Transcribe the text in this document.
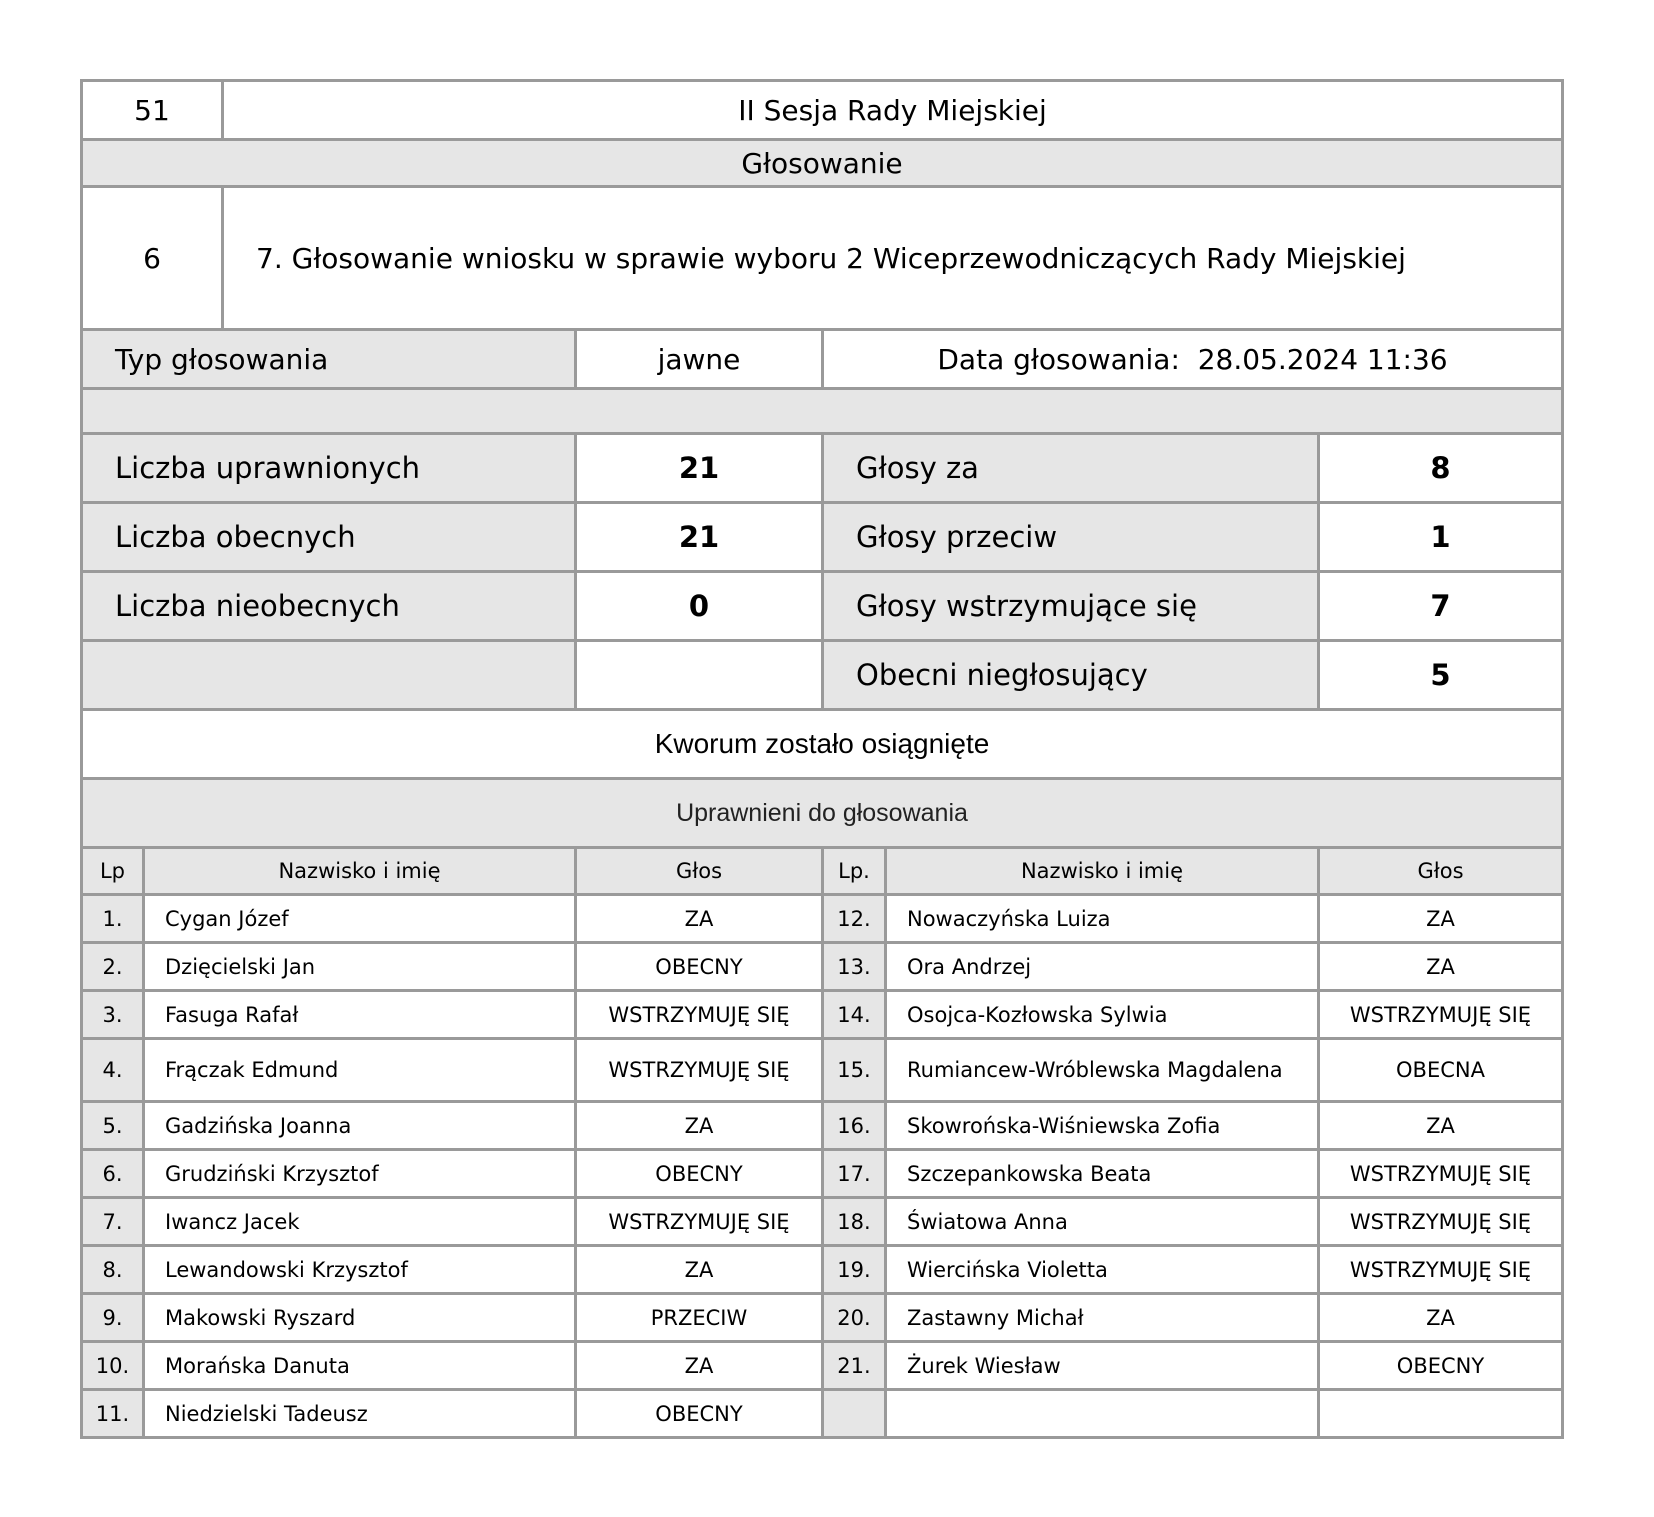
51	II Sesja Rady Miejskiej
Głosowanie
6	7. Głosowanie wniosku w sprawie wyboru 2 Wiceprzewodniczących Rady Miejskiej
Typ głosowania	jawne	Data głosowania: 28.05.2024 11:36
Liczba uprawnionych	21	Głosy za	8
Liczba obecnych	21	Głosy przeciw	1
Liczba nieobecnych	0	Głosy wstrzymujące się	7
		Obecni niegłosujący	5
Kworum zostało osiągnięte
Uprawnieni do głosowania
Lp	Nazwisko i imię	Głos	Lp.	Nazwisko i imię	Głos
1.	Cygan Józef	ZA	12.	Nowaczyńska Luiza	ZA
2.	Dzięcielski Jan	OBECNY	13.	Ora Andrzej	ZA
3.	Fasuga Rafał	WSTRZYMUJĘ SIĘ	14.	Osojca-Kozłowska Sylwia	WSTRZYMUJĘ SIĘ
4.	Frączak Edmund	WSTRZYMUJĘ SIĘ	15.	Rumiancew-Wróblewska Magdalena	OBECNA
5.	Gadzińska Joanna	ZA	16.	Skowrońska-Wiśniewska Zofia	ZA
6.	Grudziński Krzysztof	OBECNY	17.	Szczepankowska Beata	WSTRZYMUJĘ SIĘ
7.	Iwancz Jacek	WSTRZYMUJĘ SIĘ	18.	Światowa Anna	WSTRZYMUJĘ SIĘ
8.	Lewandowski Krzysztof	ZA	19.	Wiercińska Violetta	WSTRZYMUJĘ SIĘ
9.	Makowski Ryszard	PRZECIW	20.	Zastawny Michał	ZA
10.	Morańska Danuta	ZA	21.	Żurek Wiesław	OBECNY
11.	Niedzielski Tadeusz	OBECNY			
